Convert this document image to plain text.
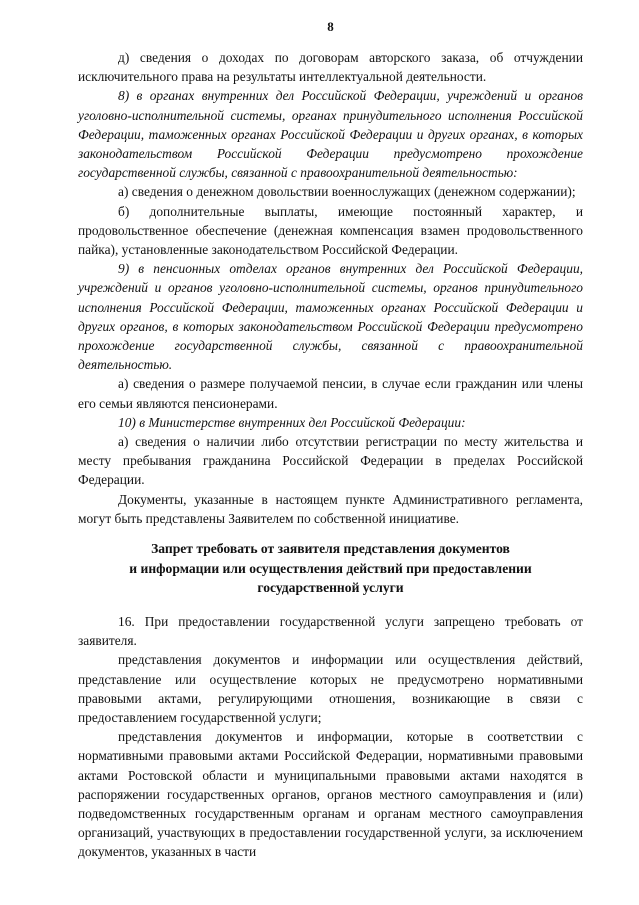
8

д) сведения о доходах по договорам авторского заказа, об отчуждении исключительного права на результаты интеллектуальной деятельности.

8) в органах внутренних дел Российской Федерации, учреждений и органов уголовно-исполнительной системы, органах принудительного исполнения Российской Федерации, таможенных органах Российской Федерации и других органах, в которых законодательством Российской Федерации предусмотрено прохождение государственной службы, связанной с правоохранительной деятельностью:

а) сведения о денежном довольствии военнослужащих (денежном содержании);

б) дополнительные выплаты, имеющие постоянный характер, и продовольственное обеспечение (денежная компенсация взамен продовольственного пайка), установленные законодательством Российской Федерации.

9) в пенсионных отделах органов внутренних дел Российской Федерации, учреждений и органов уголовно-исполнительной системы, органов принудительного исполнения Российской Федерации, таможенных органах Российской Федерации и других органов, в которых законодательством Российской Федерации предусмотрено прохождение государственной службы, связанной с правоохранительной деятельностью.

а) сведения о размере получаемой пенсии, в случае если гражданин или члены его семьи являются пенсионерами.

10) в Министерстве внутренних дел Российской Федерации:

а) сведения о наличии либо отсутствии регистрации по месту жительства и месту пребывания гражданина Российской Федерации в пределах Российской Федерации.

Документы, указанные в настоящем пункте Административного регламента, могут быть представлены Заявителем по собственной инициативе.

Запрет требовать от заявителя представления документов
и информации или осуществления действий при предоставлении
государственной услуги

16. При предоставлении государственной услуги запрещено требовать от заявителя.

представления документов и информации или осуществления действий, представление или осуществление которых не предусмотрено нормативными правовыми актами, регулирующими отношения, возникающие в связи с предоставлением государственной услуги;

представления документов и информации, которые в соответствии с нормативными правовыми актами Российской Федерации, нормативными правовыми актами Ростовской области и муниципальными правовыми актами находятся в распоряжении государственных органов, органов местного самоуправления и (или) подведомственных государственным органам и органам местного самоуправления организаций, участвующих в предоставлении государственной услуги, за исключением документов, указанных в части
